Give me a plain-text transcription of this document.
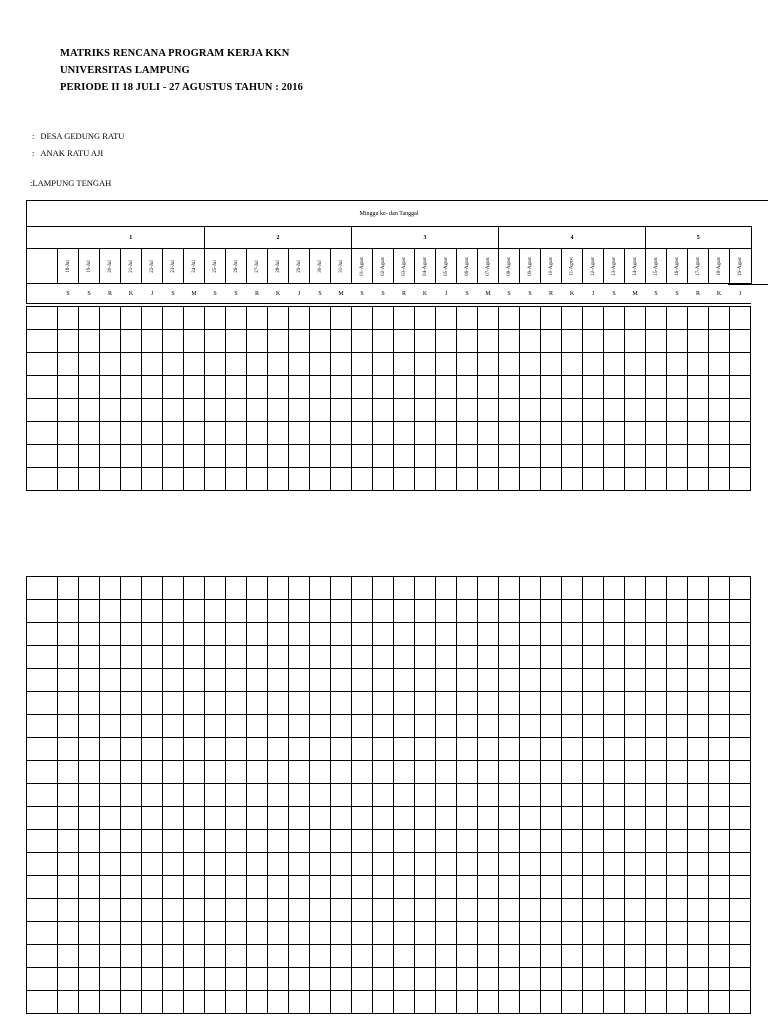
MATRIKS RENCANA PROGRAM KERJA KKN
UNIVERSITAS LAMPUNG
PERIODE II 18 JULI - 27 AGUSTUS TAHUN : 2016
: DESA GEDUNG RATU
: ANAK RATU AJI
:LAMPUNG TENGAH
Minggu ke- dan Tanggal																																	
	1							2							3							4							5				
	18-Jul	19-Jul	20-Jul	21-Jul	22-Jul	23-Jul	24-Jul	25-Jul	26-Jul	27-Jul	28-Jul	29-Jul	30-Jul	31-Jul	01-Agust	02-Agust	03-Agust	04-Agust	05-Agust	06-Agust	07-Agust	08-Agust	09-Agust	10-Agust	11-Agust	12-Agust	13-Agust	14-Agust	15-Agust	16-Agust	17-Agust	18-Agust	19-Agust
	S	S	R	K	J	S	M	S	S	R	K	J	S	M	S	S	R	K	J	S	M	S	S	R	K	J	S	M	S	S	R	K	J
